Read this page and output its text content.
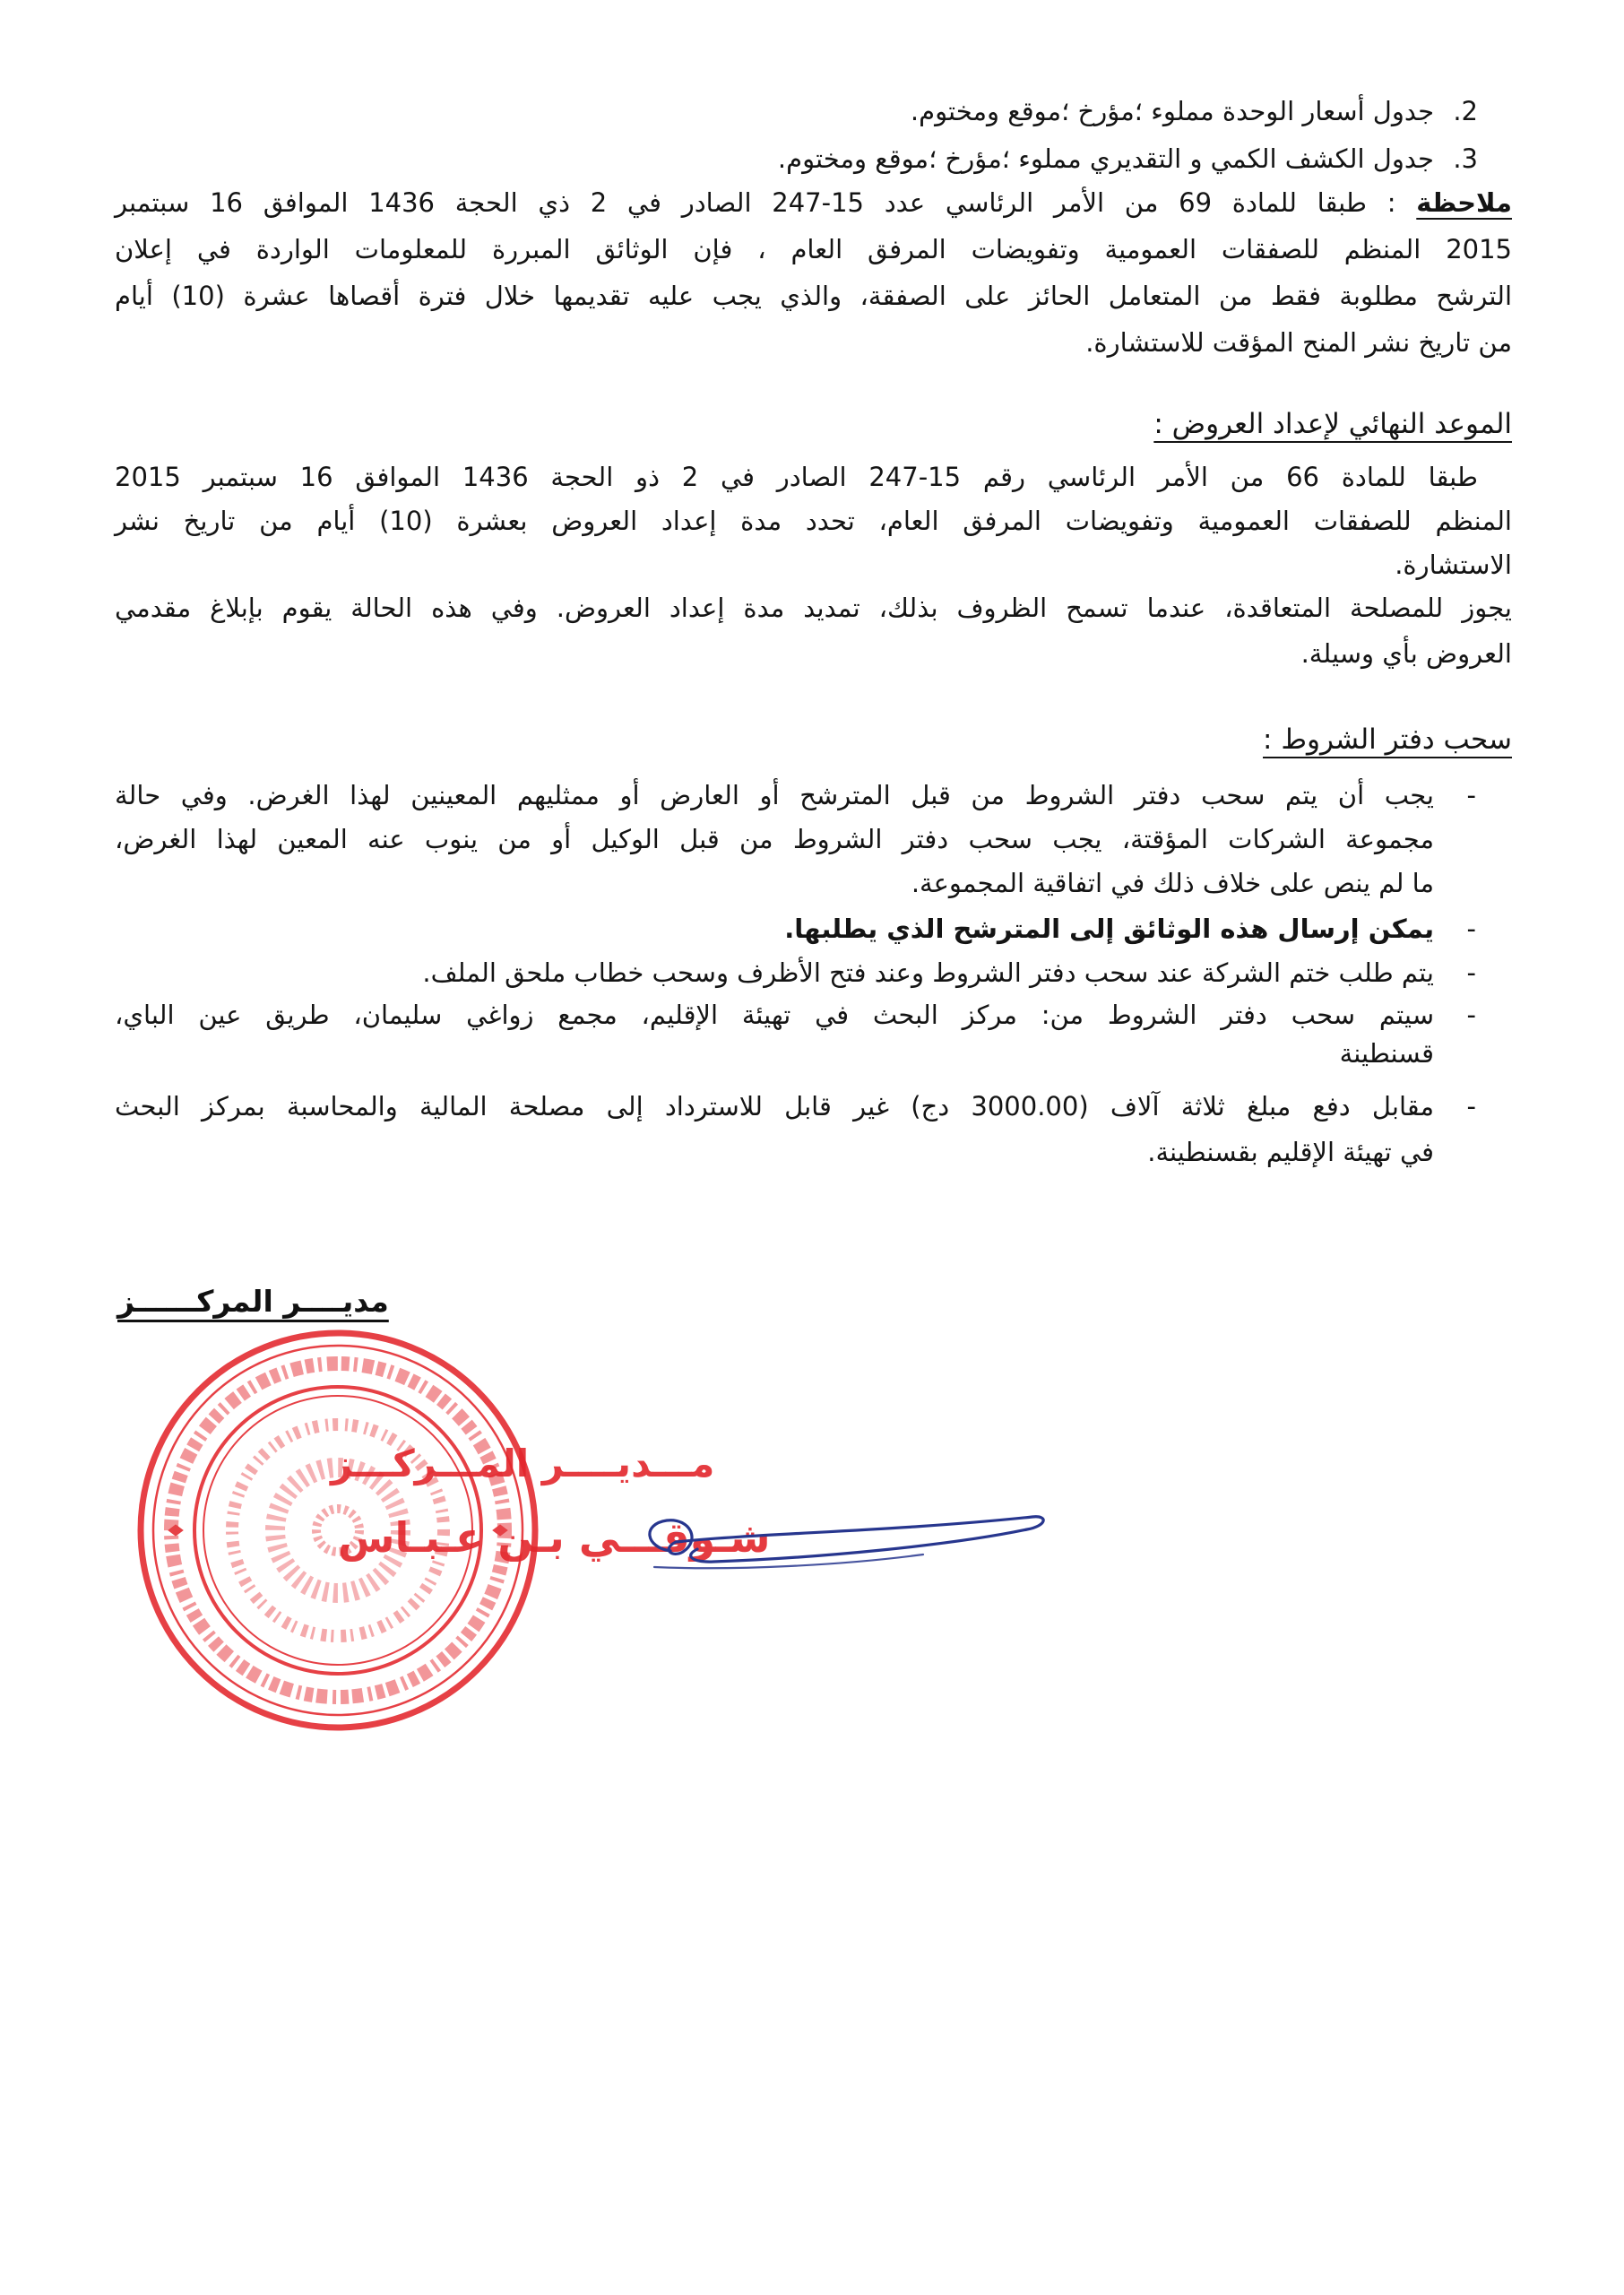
2.
جدول أسعار الوحدة مملوء ؛مؤرخ ؛موقع ومختوم.
3.
جدول الكشف الكمي و التقديري مملوء ؛مؤرخ ؛موقع ومختوم.
ملاحظة : طبقا للمادة 69 من الأمر الرئاسي عدد 15-247 الصادر في 2 ذي الحجة 1436 الموافق 16 سبتمبر
2015 المنظم للصفقات العمومية وتفويضات المرفق العام ، فإن الوثائق المبررة للمعلومات الواردة في إعلان
الترشح مطلوبة فقط من المتعامل الحائز على الصفقة، والذي يجب عليه تقديمها خلال فترة أقصاها عشرة (10) أيام
من تاريخ نشر المنح المؤقت للاستشارة.
الموعد النهائي لإعداد العروض :
طبقا للمادة 66 من الأمر الرئاسي رقم 15-247 الصادر في 2 ذو الحجة 1436 الموافق 16 سبتمبر 2015
المنظم للصفقات العمومية وتفويضات المرفق العام، تحدد مدة إعداد العروض بعشرة (10) أيام من تاريخ نشر
الاستشارة.
يجوز للمصلحة المتعاقدة، عندما تسمح الظروف بذلك، تمديد مدة إعداد العروض. وفي هذه الحالة يقوم بإبلاغ مقدمي
العروض بأي وسيلة.
سحب دفتر الشروط :
-
يجب أن يتم سحب دفتر الشروط من قبل المترشح أو العارض أو ممثليهم المعينين لهذا الغرض. وفي حالة
مجموعة الشركات المؤقتة، يجب سحب دفتر الشروط من قبل الوكيل أو من ينوب عنه المعين لهذا الغرض،
ما لم ينص على خلاف ذلك في اتفاقية المجموعة.
-
يمكن إرسال هذه الوثائق إلى المترشح الذي يطلبها.
-
يتم طلب ختم الشركة عند سحب دفتر الشروط وعند فتح الأظرف وسحب خطاب ملحق الملف.
-
سيتم سحب دفتر الشروط من: مركز البحث في تهيئة الإقليم، مجمع زواغي سليمان، طريق عين الباي،
قسنطينة
-
مقابل دفع مبلغ ثلاثة آلاف (3000.00 دج) غير قابل للاسترداد إلى مصلحة المالية والمحاسبة بمركز البحث
في تهيئة الإقليم بقسنطينة.
مديــــر المركــــــز
مـــديــــر المـــركـــز
شـوقـــي بـن عـبـاس
